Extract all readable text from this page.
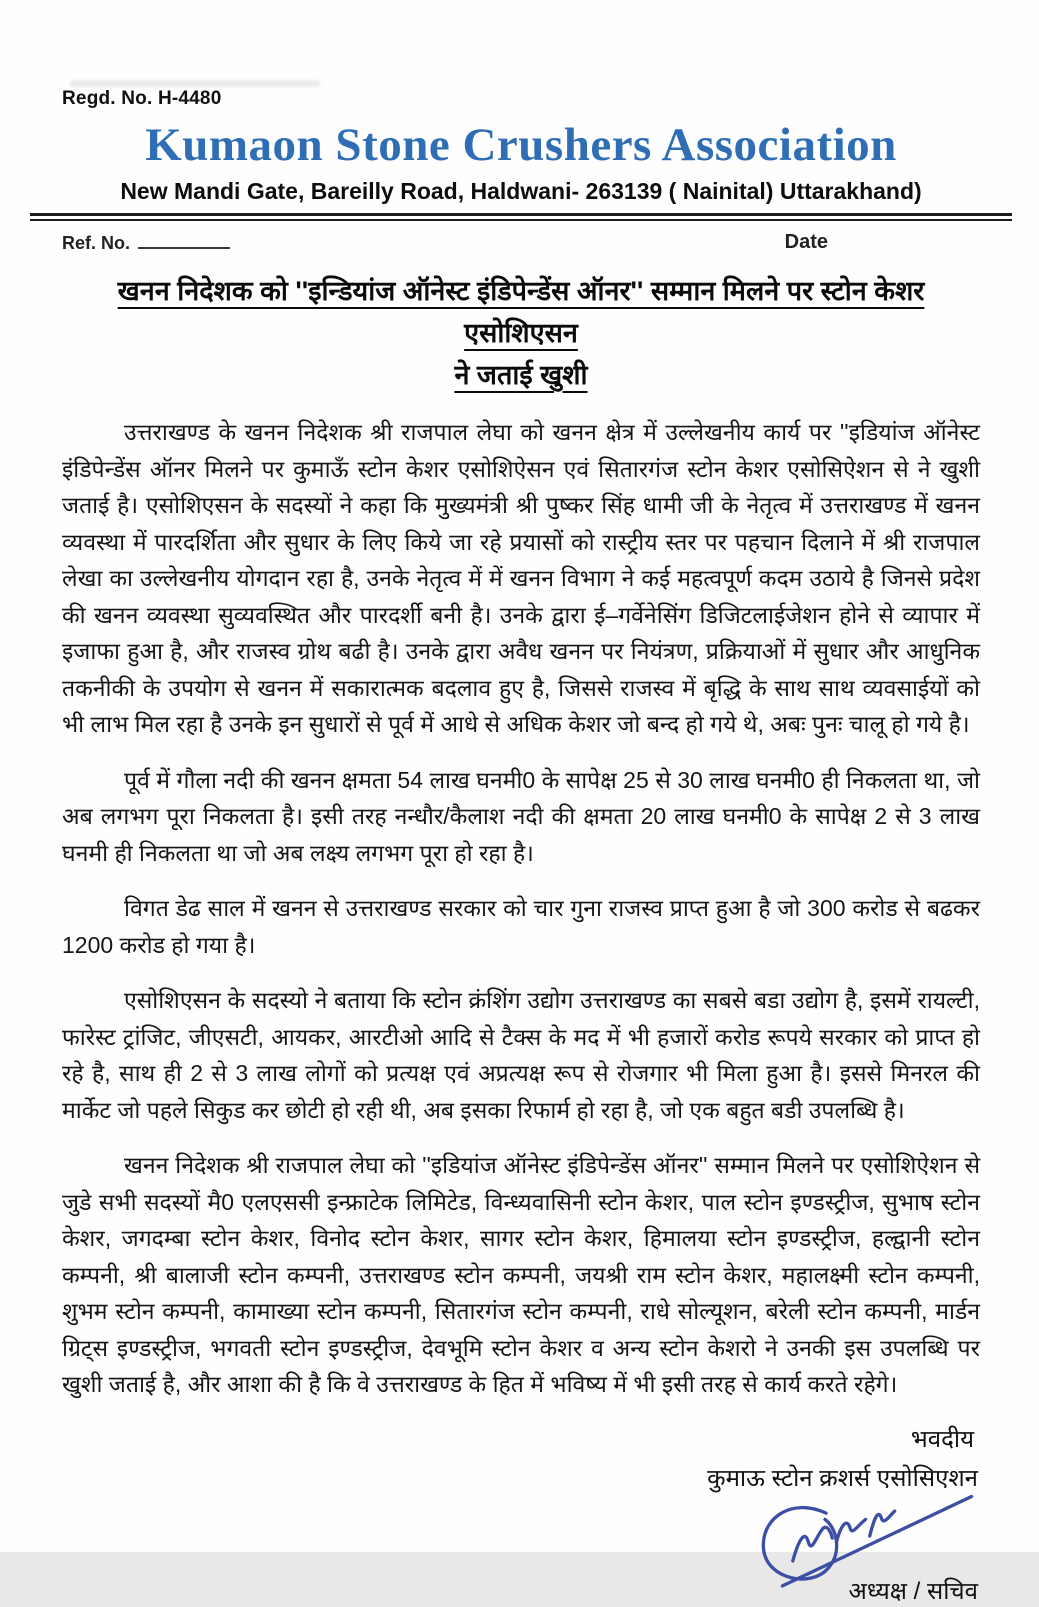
Regd. No. H-4480
Kumaon Stone Crushers Association
New Mandi Gate, Bareilly Road, Haldwani- 263139 ( Nainital) Uttarakhand)
Ref. No.	Date
खनन निदेशक को ''इन्डियांज ऑनेस्ट इंडिपेन्डेंस ऑनर'' सम्मान मिलने पर स्टोन केशर एसोशिएसन
ने जताई खुशी

उत्तराखण्ड के खनन निदेशक श्री राजपाल लेघा को खनन क्षेत्र में उल्लेखनीय कार्य पर ''इडियांज ऑनेस्ट इंडिपेन्डेंस ऑनर मिलने पर कुमाऊँ स्टोन केशर एसोशिऐसन एवं सितारगंज स्टोन केशर एसोसिऐशन से ने खुशी जताई है। एसोशिएसन के सदस्यों ने कहा कि मुख्यमंत्री श्री पुष्कर सिंह धामी जी के नेतृत्व में उत्तराखण्ड में खनन व्यवस्था में पारदर्शिता और सुधार के लिए किये जा रहे प्रयासों को रास्ट्रीय स्तर पर पहचान दिलाने में श्री राजपाल लेखा का उल्लेखनीय योगदान रहा है, उनके नेतृत्व में में खनन विभाग ने कई महत्वपूर्ण कदम उठाये है जिनसे प्रदेश की खनन व्यवस्था सुव्यवस्थित और पारदर्शी बनी है। उनके द्वारा ई–गर्वेनेसिंग डिजिटलाईजेशन होने से व्यापार में इजाफा हुआ है, और राजस्व ग्रोथ बढी है। उनके द्वारा अवैध खनन पर नियंत्रण, प्रक्रियाओं में सुधार और आधुनिक तकनीकी के उपयोग से खनन में सकारात्मक बदलाव हुए है, जिससे राजस्व में बृद्धि के साथ साथ व्यवसाईयों को भी लाभ मिल रहा है उनके इन सुधारों से पूर्व में आधे से अधिक केशर जो बन्द हो गये थे, अबः पुनः चालू हो गये है।

पूर्व में गौला नदी की खनन क्षमता 54 लाख घनमी0 के सापेक्ष 25 से 30 लाख घनमी0 ही निकलता था, जो अब लगभग पूरा निकलता है। इसी तरह नन्धौर/कैलाश नदी की क्षमता 20 लाख घनमी0 के सापेक्ष 2 से 3 लाख घनमी ही निकलता था जो अब लक्ष्य लगभग पूरा हो रहा है।

विगत डेढ साल में खनन से उत्तराखण्ड सरकार को चार गुना राजस्व प्राप्त हुआ है जो 300 करोड से बढकर 1200 करोड हो गया है।

एसोशिएसन के सदस्यो ने बताया कि स्टोन क्रंशिंग उद्योग उत्तराखण्ड का सबसे बडा उद्योग है, इसमें रायल्टी, फारेस्ट ट्रांजिट, जीएसटी, आयकर, आरटीओ आदि से टैक्स के मद में भी हजारों करोड रूपये सरकार को प्राप्त हो रहे है, साथ ही 2 से 3 लाख लोगों को प्रत्यक्ष एवं अप्रत्यक्ष रूप से रोजगार भी मिला हुआ है। इससे मिनरल की मार्केट जो पहले सिकुड कर छोटी हो रही थी, अब इसका रिफार्म हो रहा है, जो एक बहुत बडी उपलब्धि है।

खनन निदेशक श्री राजपाल लेघा को ''इडियांज ऑनेस्ट इंडिपेन्डेंस ऑनर'' सम्मान मिलने पर एसोशिऐशन से जुडे सभी सदस्यों मै0 एलएससी इन्फ्राटेक लिमिटेड, विन्ध्यवासिनी स्टोन केशर, पाल स्टोन इण्डस्ट्रीज, सुभाष स्टोन केशर, जगदम्बा स्टोन केशर, विनोद स्टोन केशर, सागर स्टोन केशर, हिमालया स्टोन इण्डस्ट्रीज, हल्द्वानी स्टोन कम्पनी, श्री बालाजी स्टोन कम्पनी, उत्तराखण्ड स्टोन कम्पनी, जयश्री राम स्टोन केशर, महालक्ष्मी स्टोन कम्पनी, शुभम स्टोन कम्पनी, कामाख्या स्टोन कम्पनी, सितारगंज स्टोन कम्पनी, राधे सोल्यूशन, बरेली स्टोन कम्पनी, मार्डन ग्रिट्स इण्डस्ट्रीज, भगवती स्टोन इण्डस्ट्रीज, देवभूमि स्टोन केशर व अन्य स्टोन केशरो ने उनकी इस उपलब्धि पर खुशी जताई है, और आशा की है कि वे उत्तराखण्ड के हित में भविष्य में भी इसी तरह से कार्य करते रहेगे।

भवदीय
कुमाऊ स्टोन क्रशर्स एसोसिएशन
अध्यक्ष / सचिव
